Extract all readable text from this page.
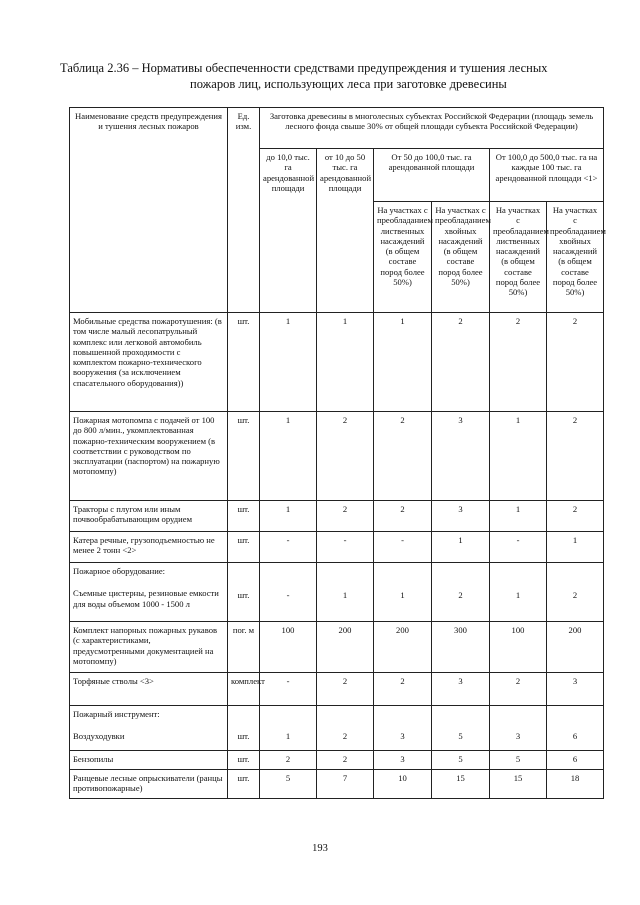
Таблица 2.36 – Нормативы обеспеченности средствами предупреждения и тушения лесных
пожаров лиц, использующих леса при заготовке древесины
Наименование средств предупреждения и тушения лесных пожаров	Ед. изм.	Заготовка древесины в многолесных субъектах Российской Федерации (площадь земель лесного фонда свыше 30% от общей площади субъекта Российской Федерации)					
		до 10,0 тыс. га арендованной площади	от 10 до 50 тыс. га арендованной площади	От 50 до 100,0 тыс. га арендованной площади		От 100,0 до 500,0 тыс. га на каждые 100 тыс. га арендованной площади <1>	
				На участках с преобладанием лиственных насаждений (в общем составе пород более 50%)	На участках с преобладанием хвойных насаждений (в общем составе пород более 50%)	На участках с преобладанием лиственных насаждений (в общем составе пород более 50%)	На участках с преобладанием хвойных насаждений (в общем составе пород более 50%)
Мобильные средства пожаротушения: (в том числе малый лесопатрульный комплекс или легковой автомобиль повышенной проходимости с комплектом пожарно-технического вооружения (за исключением спасательного оборудования))	шт.	1	1	1	2	2	2
Пожарная мотопомпа с подачей от 100 до 800 л/мин., укомплектованная пожарно-техническим вооружением (в соответствии с руководством по эксплуатации (паспортом) на пожарную мотопомпу)	шт.	1	2	2	3	1	2
Тракторы с плугом или иным почвообрабатывающим орудием	шт.	1	2	2	3	1	2
Катера речные, грузоподъемностью не менее 2 тонн <2>	шт.	-	-	-	1	-	1

Пожарное оборудование:
Съемные цистерны, резиновые емкости для воды объемом 1000 - 1500 л	шт.	-	1	1	2	1	2
Комплект напорных пожарных рукавов (с характеристиками, предусмотренными документацией на мотопомпу)	пог. м	100	200	200	300	100	200
Торфяные стволы <3>	комплект	-	2	2	3	2	3

Пожарный инструмент:
Воздуходувки	шт.	1	2	3	5	3	6
Бензопилы	шт.	2	2	3	5	5	6
Ранцевые лесные опрыскиватели (ранцы противопожарные)	шт.	5	7	10	15	15	18
193
